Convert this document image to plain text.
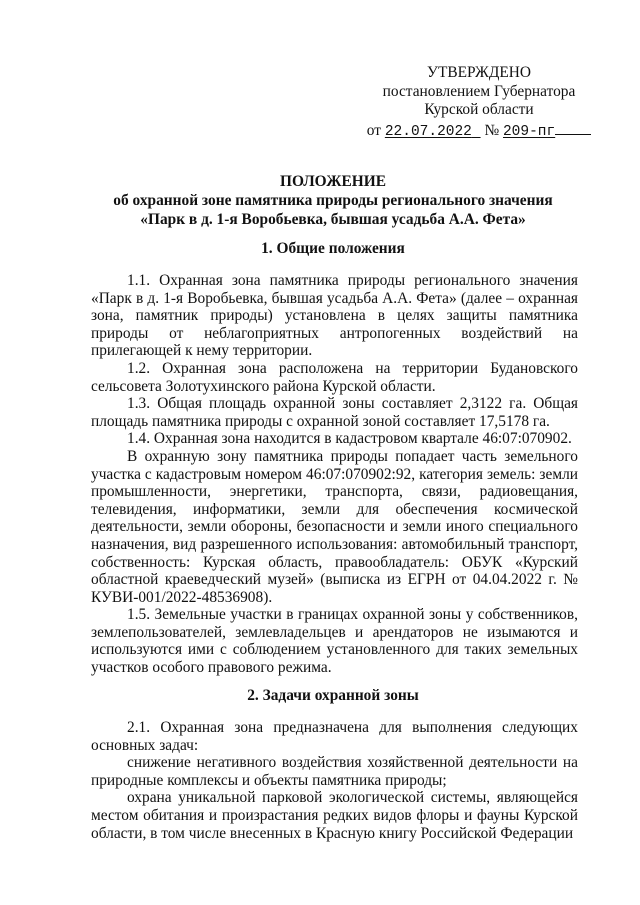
УТВЕРЖДЕНО
постановлением Губернатора
Курской области
от 22.07.2022 № 209-пг
ПОЛОЖЕНИЕ
об охранной зоне памятника природы регионального значения
«Парк в д. 1-я Воробьевка, бывшая усадьба А.А. Фета»
1. Общие положения

1.1. Охранная зона памятника природы регионального значения «Парк в д. 1-я Воробьевка, бывшая усадьба А.А. Фета» (далее – охранная зона, памятник природы) установлена в целях защиты памятника природы от неблагоприятных антропогенных воздействий на прилегающей к нему территории.

1.2. Охранная зона расположена на территории Будановского сельсовета Золотухинского района Курской области.

1.3. Общая площадь охранной зоны составляет 2,3122 га. Общая площадь памятника природы с охранной зоной составляет 17,5178 га.

1.4. Охранная зона находится в кадастровом квартале 46:07:070902.

В охранную зону памятника природы попадает часть земельного участка с кадастровым номером 46:07:070902:92, категория земель: земли промышленности, энергетики, транспорта, связи, радиовещания, телевидения, информатики, земли для обеспечения космической деятельности, земли обороны, безопасности и земли иного специального назначения, вид разрешенного использования: автомобильный транспорт, собственность: Курская область, правообладатель: ОБУК «Курский областной краеведческий музей» (выписка из ЕГРН от 04.04.2022 г. № КУВИ-001/2022-48536908).

1.5. Земельные участки в границах охранной зоны у собственников, землепользователей, землевладельцев и арендаторов не изымаются и используются ими с соблюдением установленного для таких земельных участков особого правового режима.

2. Задачи охранной зоны

2.1. Охранная зона предназначена для выполнения следующих основных задач:

снижение негативного воздействия хозяйственной деятельности на природные комплексы и объекты памятника природы;

охрана уникальной парковой экологической системы, являющейся местом обитания и произрастания редких видов флоры и фауны Курской области, в том числе внесенных в Красную книгу Российской Федерации
